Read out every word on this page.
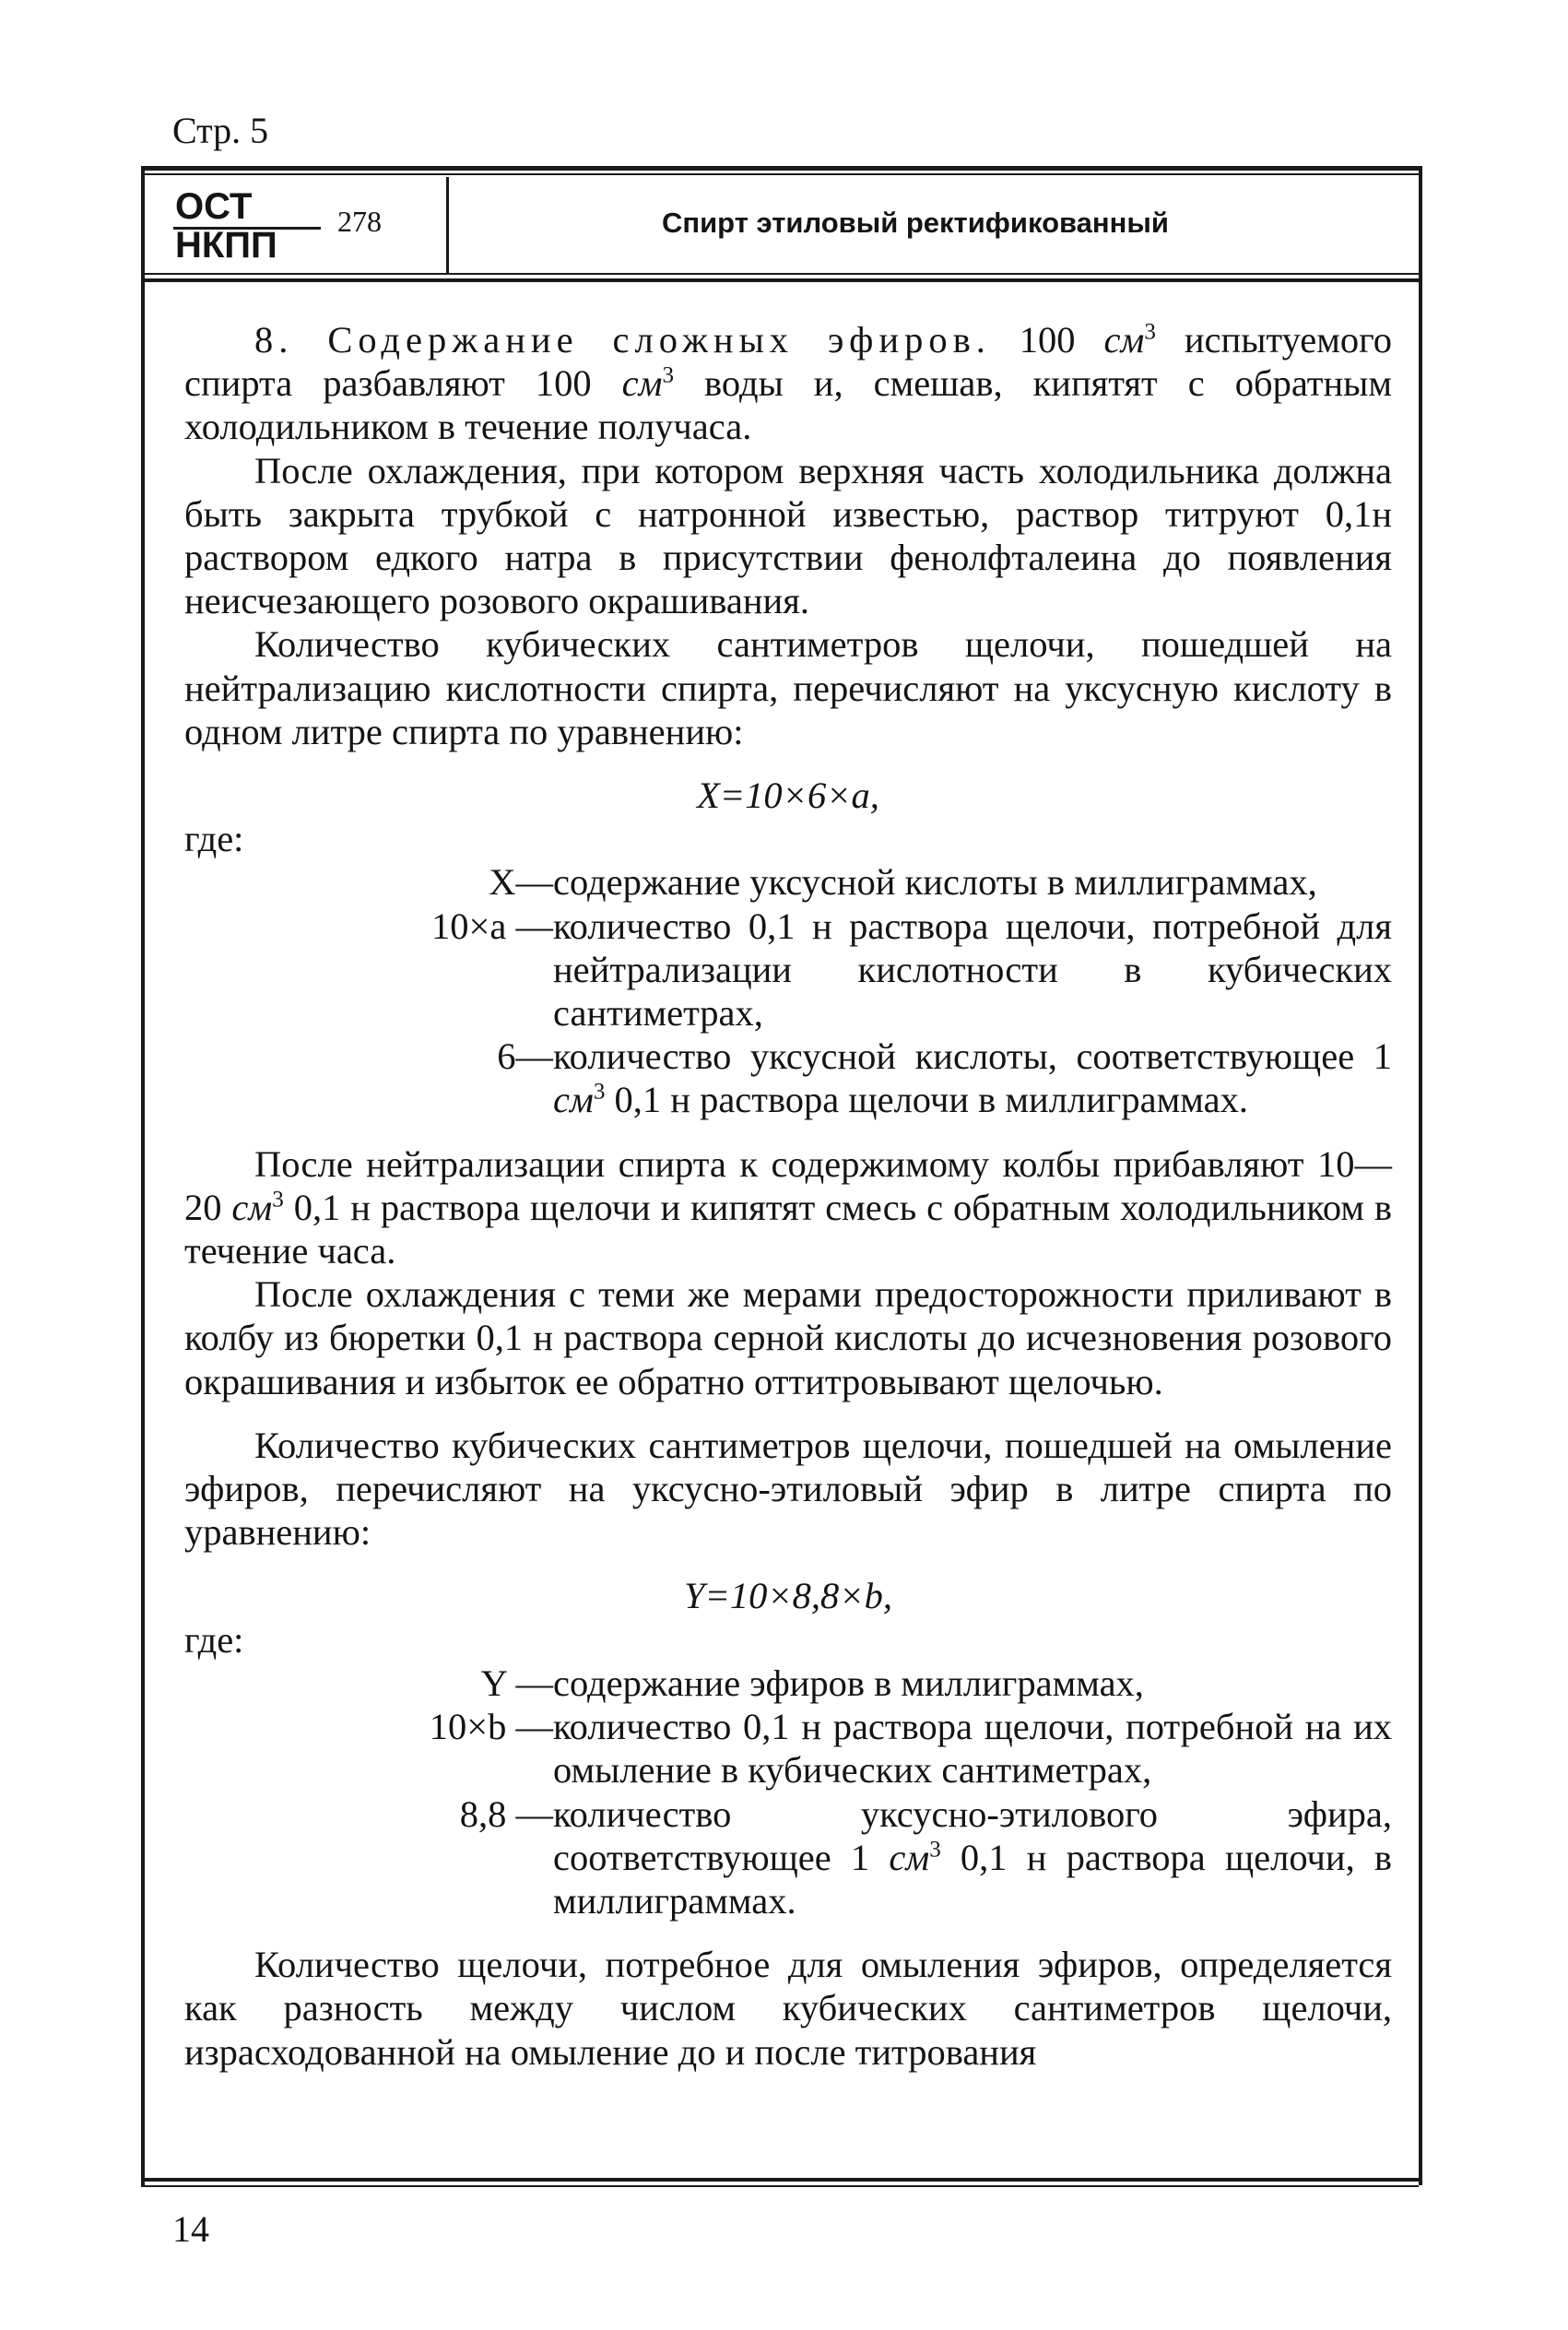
Стр. 5
ОСТ
НКПП
278	Спирт этиловый ректификованный

8. Содержание сложных эфиров. 100 $см^3$ испытуемого спирта разбавляют 100 $см^3$ воды и, смешав, кипятят с обратным холодильником в течение получаса.

После охлаждения, при котором верхняя часть холодильника должна быть закрыта трубкой с натронной известью, раствор титруют 0,1н раствором едкого натра в присутствии фенолфталеина до появления неисчезающего розового окрашивания.

Количество кубических сантиметров щелочи, пошедшей на нейтрализацию кислотности спирта, перечисляют на уксусную кислоту в одном литре спирта по уравнению:

X=10×6×a,

где:

X— содержание уксусной кислоты в миллиграммах,
10×a — количество 0,1 н раствора щелочи, потребной для нейтрализации кислотности в кубических сантиметрах,
6— количество уксусной кислоты, соответствующее 1 $см^3$ 0,1 н раствора щелочи в миллиграммах.

После нейтрализации спирта к содержимому колбы прибавляют 10—20 $см^3$ 0,1 н раствора щелочи и кипятят смесь с обратным холодильником в течение часа.

После охлаждения с теми же мерами предосторожности приливают в колбу из бюретки 0,1 н раствора серной кислоты до исчезновения розового окрашивания и избыток ее обратно оттитровывают щелочью.

Количество кубических сантиметров щелочи, пошедшей на омыление эфиров, перечисляют на уксусно-этиловый эфир в литре спирта по уравнению:

Y=10×8,8×b,

где:

Y — содержание эфиров в миллиграммах,
10×b — количество 0,1 н раствора щелочи, потребной на их омыление в кубических сантиметрах,
8,8 — количество уксусно-этилового эфира, соответствующее 1 $см^3$ 0,1 н раствора щелочи, в миллиграммах.

Количество щелочи, потребное для омыления эфиров, определяется как разность между числом кубических сантиметров щелочи, израсходованной на омыление до и после титрования

14
